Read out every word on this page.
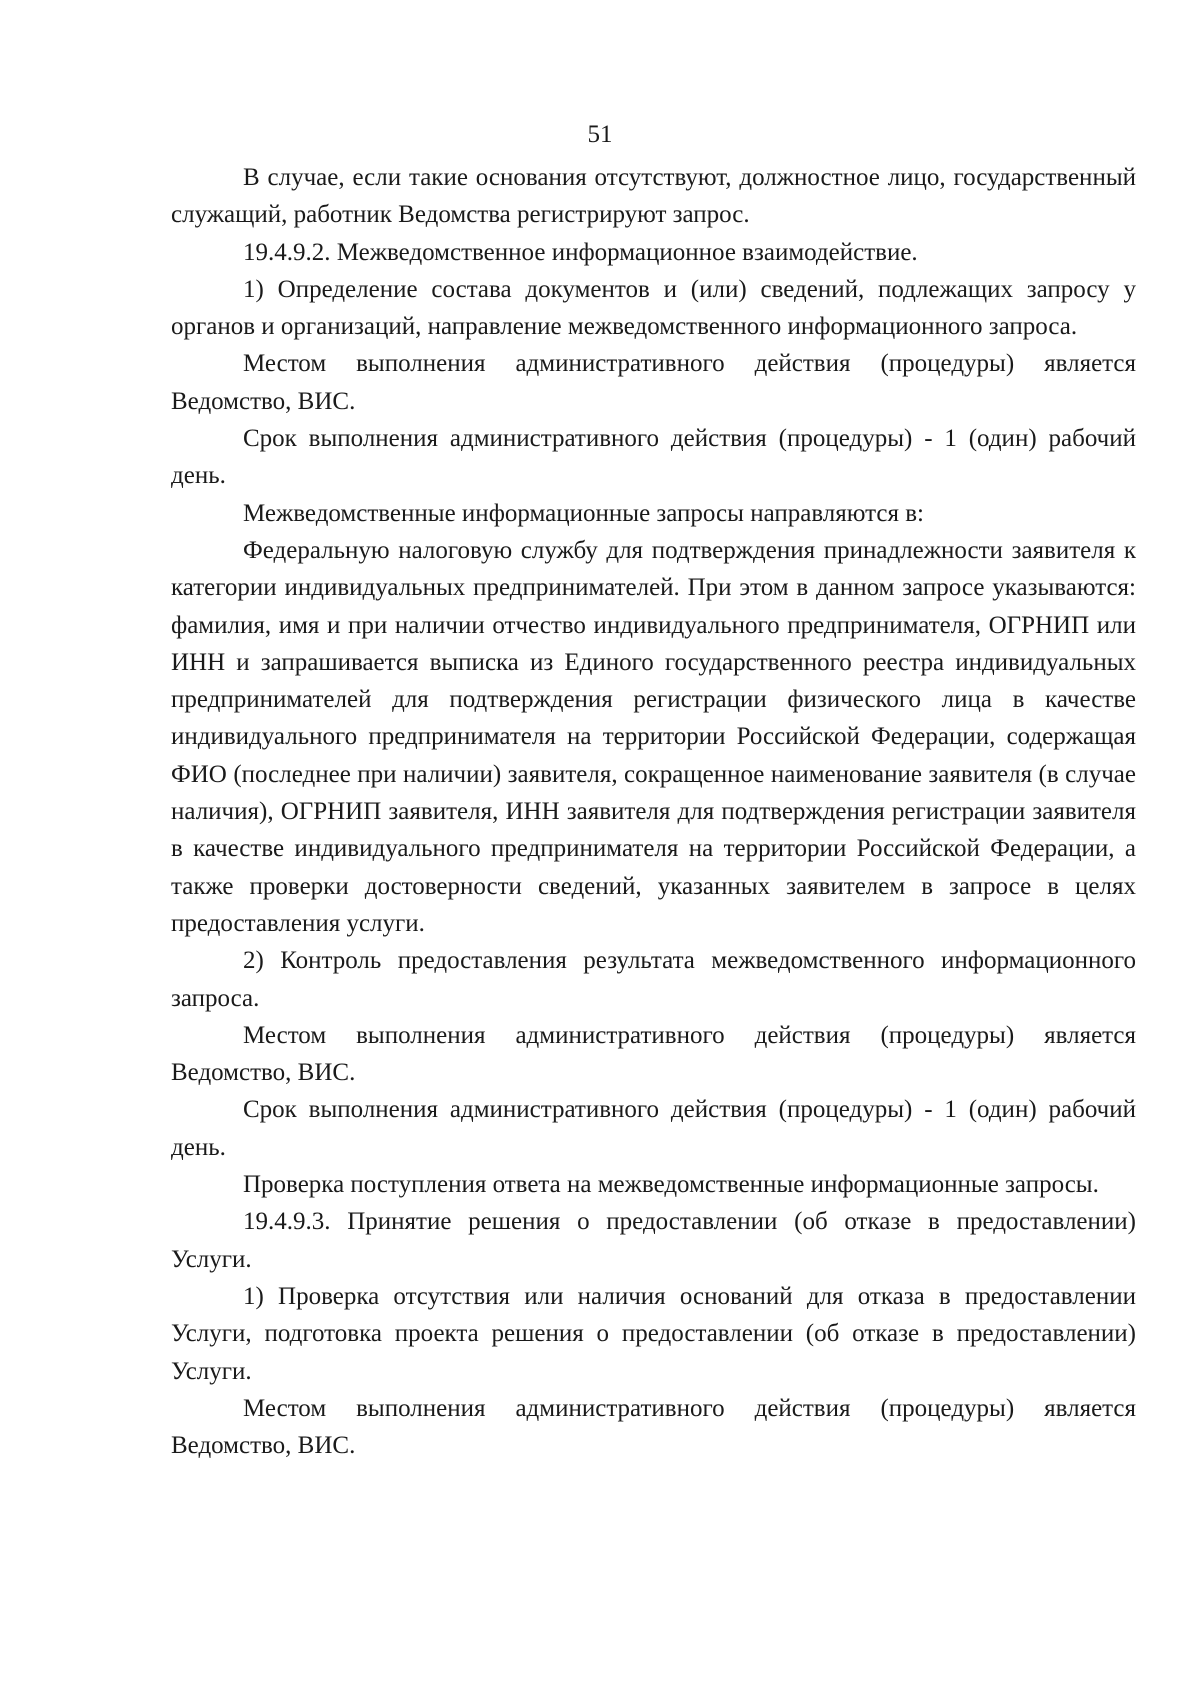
51

В случае, если такие основания отсутствуют, должностное лицо, государственный служащий, работник Ведомства регистрируют запрос.

19.4.9.2. Межведомственное информационное взаимодействие.

1) Определение состава документов и (или) сведений, подлежащих запросу у органов и организаций, направление межведомственного информационного запроса.

Местом выполнения административного действия (процедуры) является Ведомство, ВИС.

Срок выполнения административного действия (процедуры) - 1 (один) рабочий день.

Межведомственные информационные запросы направляются в:

Федеральную налоговую службу для подтверждения принадлежности заявителя к категории индивидуальных предпринимателей. При этом в данном запросе указываются: фамилия, имя и при наличии отчество индивидуального предпринимателя, ОГРНИП или ИНН и запрашивается выписка из Единого государственного реестра индивидуальных предпринимателей для подтверждения регистрации физического лица в качестве индивидуального предпринимателя на территории Российской Федерации, содержащая ФИО (последнее при наличии) заявителя, сокращенное наименование заявителя (в случае наличия), ОГРНИП заявителя, ИНН заявителя для подтверждения регистрации заявителя в качестве индивидуального предпринимателя на территории Российской Федерации, а также проверки достоверности сведений, указанных заявителем в запросе в целях предоставления услуги.

2) Контроль предоставления результата межведомственного информационного запроса.

Местом выполнения административного действия (процедуры) является Ведомство, ВИС.

Срок выполнения административного действия (процедуры) - 1 (один) рабочий день.

Проверка поступления ответа на межведомственные информационные запросы.

19.4.9.3. Принятие решения о предоставлении (об отказе в предоставлении) Услуги.

1) Проверка отсутствия или наличия оснований для отказа в предоставлении Услуги, подготовка проекта решения о предоставлении (об отказе в предоставлении) Услуги.

Местом выполнения административного действия (процедуры) является Ведомство, ВИС.
